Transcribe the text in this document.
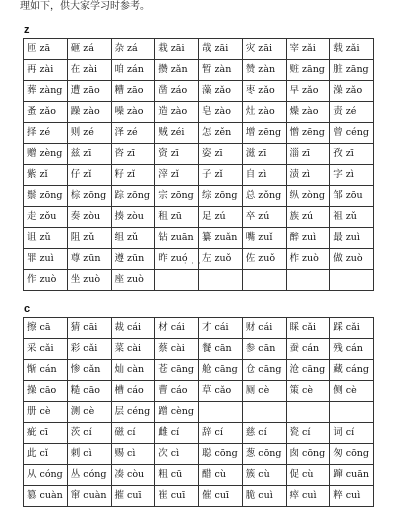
理如下，供大家学习时参考。
z
匝 zā	砸 zá	杂 zá	栽 zāi	哉 zāi	灾 zāi	宰 zǎi	载 zǎi
再 zài	在 zài	咱 zán	攒 zǎn	暂 zàn	赞 zàn	赃 zāng	脏 zāng
葬 zàng	遭 zāo	糟 zāo	凿 záo	藻 zǎo	枣 zǎo	早 zǎo	澡 zǎo
蚤 zǎo	躁 zào	噪 zào	造 zào	皂 zào	灶 zào	燥 zào	责 zé
择 zé	则 zé	泽 zé	贼 zéi	怎 zěn	增 zēng	憎 zēng	曾 céng
赠 zèng	兹 zī	咨 zī	资 zī	姿 zī	滋 zī	淄 zī	孜 zī
紫 zǐ	仔 zǐ	籽 zǐ	滓 zǐ	子 zǐ	自 zì	渍 zì	字 zì
鬃 zōng	棕 zōng	踪 zōng	宗 zōng	综 zōng	总 zǒng	纵 zòng	邹 zōu
走 zǒu	奏 zòu	揍 zòu	租 zū	足 zú	卒 zú	族 zú	祖 zǔ
诅 zǔ	阻 zǔ	组 zǔ	钻 zuān	纂 zuǎn	嘴 zuǐ	醉 zuì	最 zuì
罪 zuì	尊 zūn	遵 zūn	昨 zuó	左 zuǒ	佐 zuǒ	柞 zuò	做 zuò
作 zuò	坐 zuò	座 zuò					
· · ·
c
擦 cā	猜 cāi	裁 cái	材 cái	才 cái	财 cái	睬 cǎi	踩 cǎi
采 cǎi	彩 cǎi	菜 cài	蔡 cài	餐 cān	参 cān	蚕 cán	残 cán
惭 cán	惨 cǎn	灿 càn	苍 cāng	舱 cāng	仓 cāng	沧 cāng	藏 cáng
操 cāo	糙 cāo	槽 cáo	曹 cáo	草 cǎo	厕 cè	策 cè	侧 cè
册 cè	测 cè	层 céng	蹭 cèng				
疵 cī	茨 cí	磁 cí	雌 cí	辞 cí	慈 cí	瓷 cí	词 cí
此 cǐ	刺 cì	赐 cì	次 cì	聪 cōng	葱 cōng	囱 cōng	匆 cōng
从 cóng	丛 cóng	凑 còu	粗 cū	醋 cù	簇 cù	促 cù	蹿 cuān
篡 cuàn	窜 cuàn	摧 cuī	崔 cuī	催 cuī	脆 cuì	瘁 cuì	粹 cuì
